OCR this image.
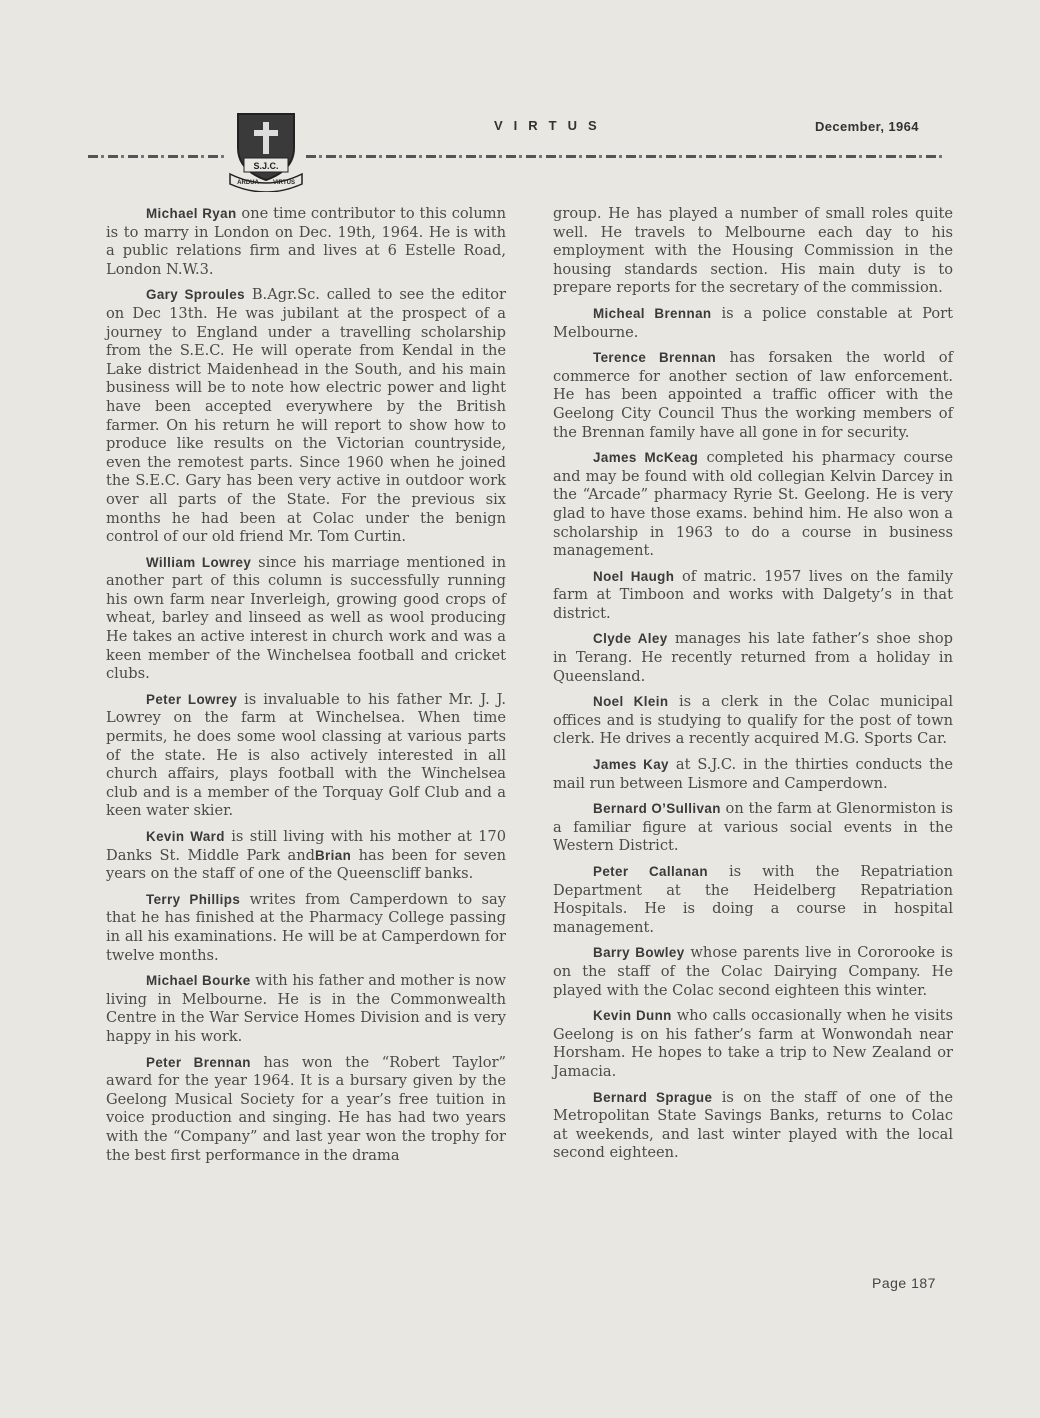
S.J.C.
ARDUA VIRTUS
VIRTUS	December, 1964

Michael Ryan one time contributor to this column is to marry in London on Dec. 19th, 1964. He is with a public relations firm and lives at 6 Estelle Road, London N.W.3.

Gary Sproules B.Agr.Sc. called to see the editor on Dec 13th. He was jubilant at the prospect of a journey to England under a travelling scholarship from the S.E.C. He will operate from Kendal in the Lake district Maidenhead in the South, and his main business will be to note how electric power and light have been accepted everywhere by the British farmer. On his return he will report to show how to produce like results on the Victorian countryside, even the remotest parts. Since 1960 when he joined the S.E.C. Gary has been very active in outdoor work over all parts of the State. For the previous six months he had been at Colac under the benign control of our old friend Mr. Tom Curtin.

William Lowrey since his marriage mentioned in another part of this column is successfully running his own farm near Inverleigh, growing good crops of wheat, barley and linseed as well as wool producing He takes an active interest in church work and was a keen member of the Winchelsea football and cricket clubs.

Peter Lowrey is invaluable to his father Mr. J. J. Lowrey on the farm at Winchelsea. When time permits, he does some wool classing at various parts of the state. He is also actively interested in all church affairs, plays football with the Winchelsea club and is a member of the Torquay Golf Club and a keen water skier.

Kevin Ward is still living with his mother at 170 Danks St. Middle Park andBrian has been for seven years on the staff of one of the Queenscliff banks.

Terry Phillips writes from Camperdown to say that he has finished at the Pharmacy College passing in all his examinations. He will be at Camperdown for twelve months.

Michael Bourke with his father and mother is now living in Melbourne. He is in the Commonwealth Centre in the War Service Homes Division and is very happy in his work.

Peter Brennan has won the “Robert Taylor” award for the year 1964. It is a bursary given by the Geelong Musical Society for a year’s free tuition in voice production and singing. He has had two years with the “Company” and last year won the trophy for the best first performance in the drama

group. He has played a number of small roles quite well. He travels to Melbourne each day to his employment with the Housing Commission in the housing standards section. His main duty is to prepare reports for the secretary of the commission.

Micheal Brennan is a police constable at Port Melbourne.

Terence Brennan has forsaken the world of commerce for another section of law enforcement. He has been appointed a traffic officer with the Geelong City Council Thus the working members of the Brennan family have all gone in for security.

James McKeag completed his pharmacy course and may be found with old collegian Kelvin Darcey in the “Arcade” pharmacy Ryrie St. Geelong. He is very glad to have those exams. behind him. He also won a scholarship in 1963 to do a course in business management.

Noel Haugh of matric. 1957 lives on the family farm at Timboon and works with Dalgety’s in that district.

Clyde Aley manages his late father’s shoe shop in Terang. He recently returned from a holiday in Queensland.

Noel Klein is a clerk in the Colac municipal offices and is studying to qualify for the post of town clerk. He drives a recently acquired M.G. Sports Car.

James Kay at S.J.C. in the thirties conducts the mail run between Lismore and Camperdown.

Bernard O’Sullivan on the farm at Glenormiston is a familiar figure at various social events in the Western District.

Peter Callanan is with the Repatriation Department at the Heidelberg Repatriation Hospitals. He is doing a course in hospital management.

Barry Bowley whose parents live in Cororooke is on the staff of the Colac Dairying Company. He played with the Colac second eighteen this winter.

Kevin Dunn who calls occasionally when he visits Geelong is on his father’s farm at Wonwondah near Horsham. He hopes to take a trip to New Zealand or Jamacia.

Bernard Sprague is on the staff of one of the Metropolitan State Savings Banks, returns to Colac at weekends, and last winter played with the local second eighteen.

Page 187
